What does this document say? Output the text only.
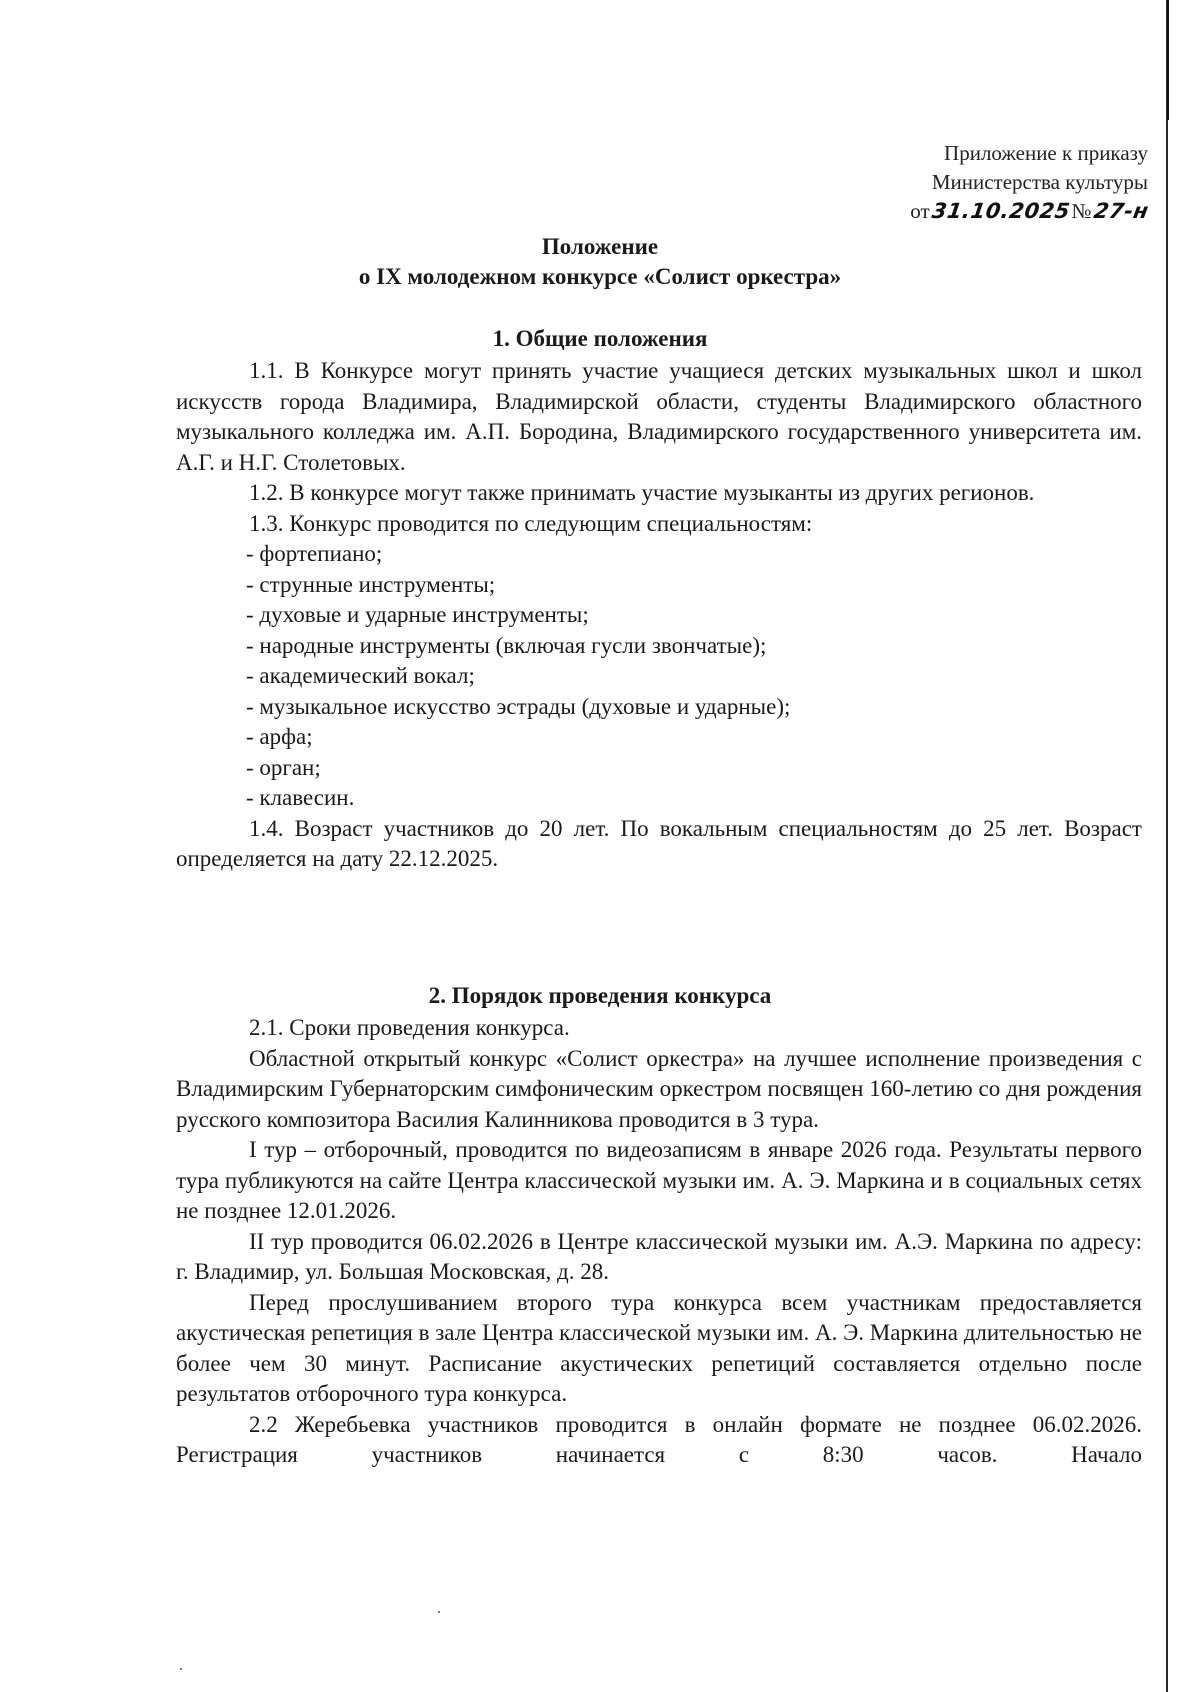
Приложение к приказу
Министерства культуры
от 31.10.2025 № 27-н
Положение
о IX молодежном конкурсе «Солист оркестра»
1. Общие положения

1.1. В Конкурсе могут принять участие учащиеся детских музыкальных школ и школ искусств города Владимира, Владимирской области, студенты Владимирского областного музыкального колледжа им. А.П. Бородина, Владимирского государственного университета им. А.Г. и Н.Г. Столетовых.

1.2. В конкурсе могут также принимать участие музыканты из других регионов.

1.3. Конкурс проводится по следующим специальностям:

- фортепиано;

- струнные инструменты;

- духовые и ударные инструменты;

- народные инструменты (включая гусли звончатые);

- академический вокал;

- музыкальное искусство эстрады (духовые и ударные);

- арфа;

- орган;

- клавесин.

1.4. Возраст участников до 20 лет. По вокальным специальностям до 25 лет. Возраст определяется на дату 22.12.2025.

2. Порядок проведения конкурса

2.1. Сроки проведения конкурса.

Областной открытый конкурс «Солист оркестра» на лучшее исполнение произведения с Владимирским Губернаторским симфоническим оркестром посвящен 160-летию со дня рождения русского композитора Василия Калинникова проводится в 3 тура.

I тур – отборочный, проводится по видеозаписям в январе 2026 года. Результаты первого тура публикуются на сайте Центра классической музыки им. А. Э. Маркина и в социальных сетях не позднее 12.01.2026.

II тур проводится 06.02.2026 в Центре классической музыки им. А.Э. Маркина по адресу: г. Владимир, ул. Большая Московская, д. 28.

Перед прослушиванием второго тура конкурса всем участникам предоставляется акустическая репетиция в зале Центра классической музыки им. А. Э. Маркина длительностью не более чем 30 минут. Расписание акустических репетиций составляется отдельно после результатов отборочного тура конкурса.

2.2 Жеребьевка участников проводится в онлайн формате не позднее 06.02.2026. Регистрация участников начинается с 8:30 часов. Начало
